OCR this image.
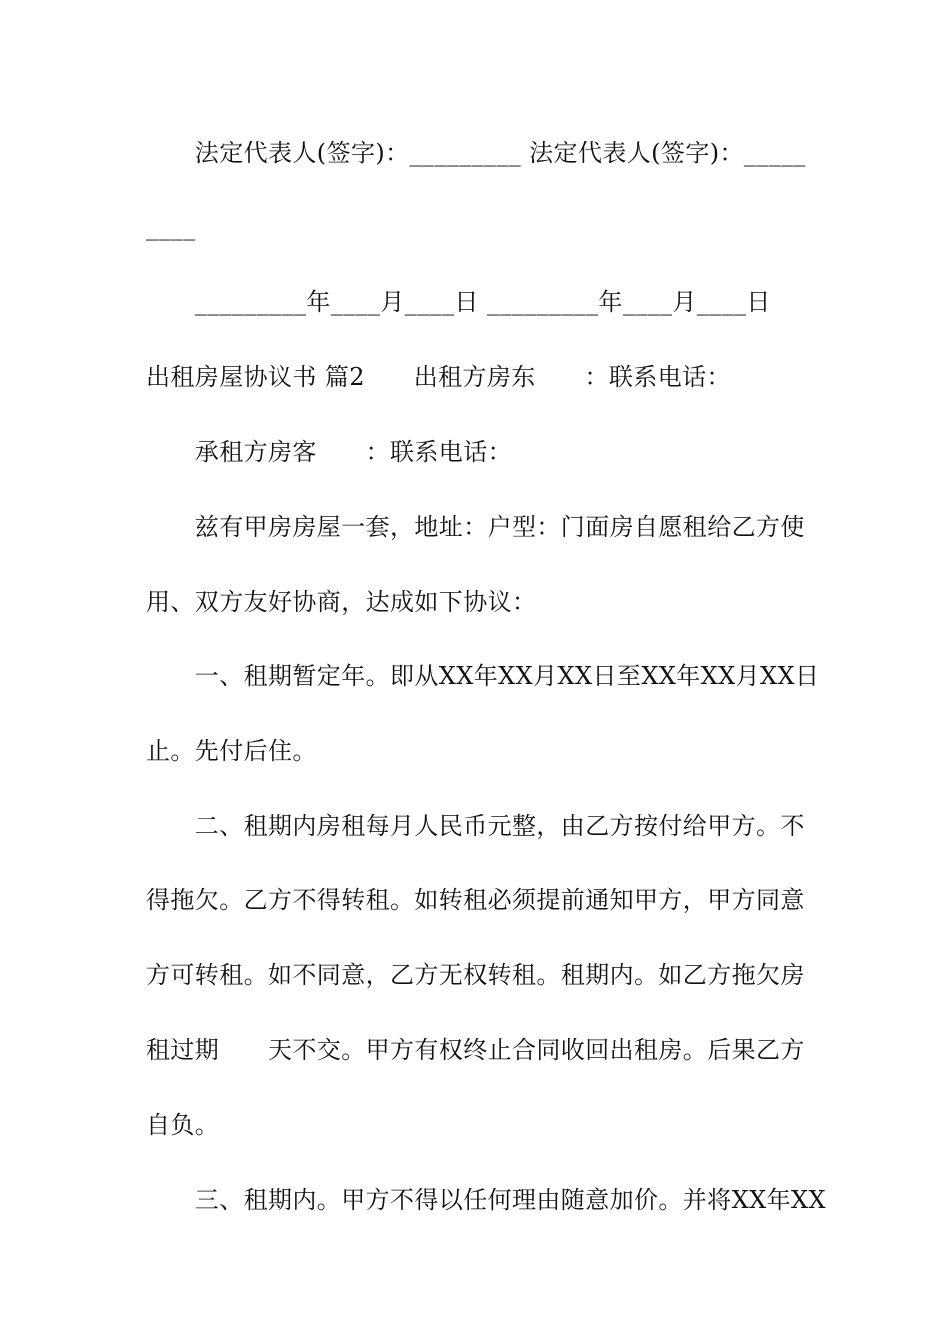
　　法定代表人(签字)：_________ 法定代表人(签字)：_____
____
　　_________年____月____日 _________年____月____日
出租房屋协议书 篇2　　出租方房东　　：联系电话：
　　承租方房客　　：联系电话：
　　兹有甲房房屋一套，地址：户型：门面房自愿租给乙方使
用、双方友好协商，达成如下协议：
　　一、租期暂定年。即从XX年XX月XX日至XX年XX月XX日
止。先付后住。
　　二、租期内房租每月人民币元整，由乙方按付给甲方。不
得拖欠。乙方不得转租。如转租必须提前通知甲方，甲方同意
方可转租。如不同意，乙方无权转租。租期内。如乙方拖欠房
租过期　　天不交。甲方有权终止合同收回出租房。后果乙方
自负。
　　三、租期内。甲方不得以任何理由随意加价。并将XX年XX
